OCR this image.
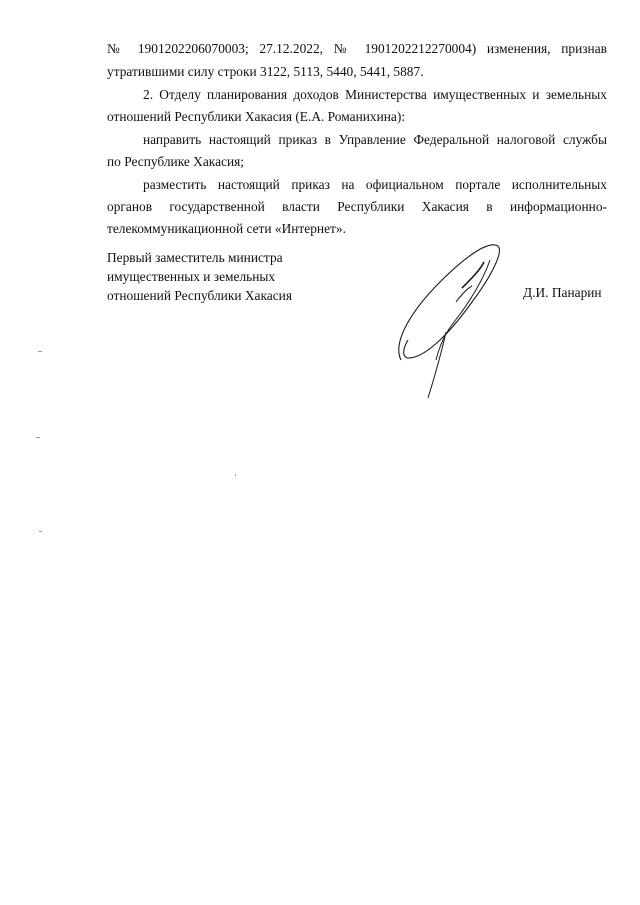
№ 1901202206070003; 27.12.2022, № 1901202212270004) изменения, признав
утратившими силу строки 3122, 5113, 5440, 5441, 5887.
2. Отделу планирования доходов Министерства имущественных и земельных
отношений Республики Хакасия (Е.А. Романихина):
направить настоящий приказ в Управление Федеральной налоговой службы
по Республике Хакасия;
разместить настоящий приказ на официальном портале исполнительных
органов государственной власти Республики Хакасия в информационно-
телекоммуникационной сети «Интернет».
Первый заместитель министра
имущественных и земельных
отношений Республики Хакасия	Д.И. Панарин
